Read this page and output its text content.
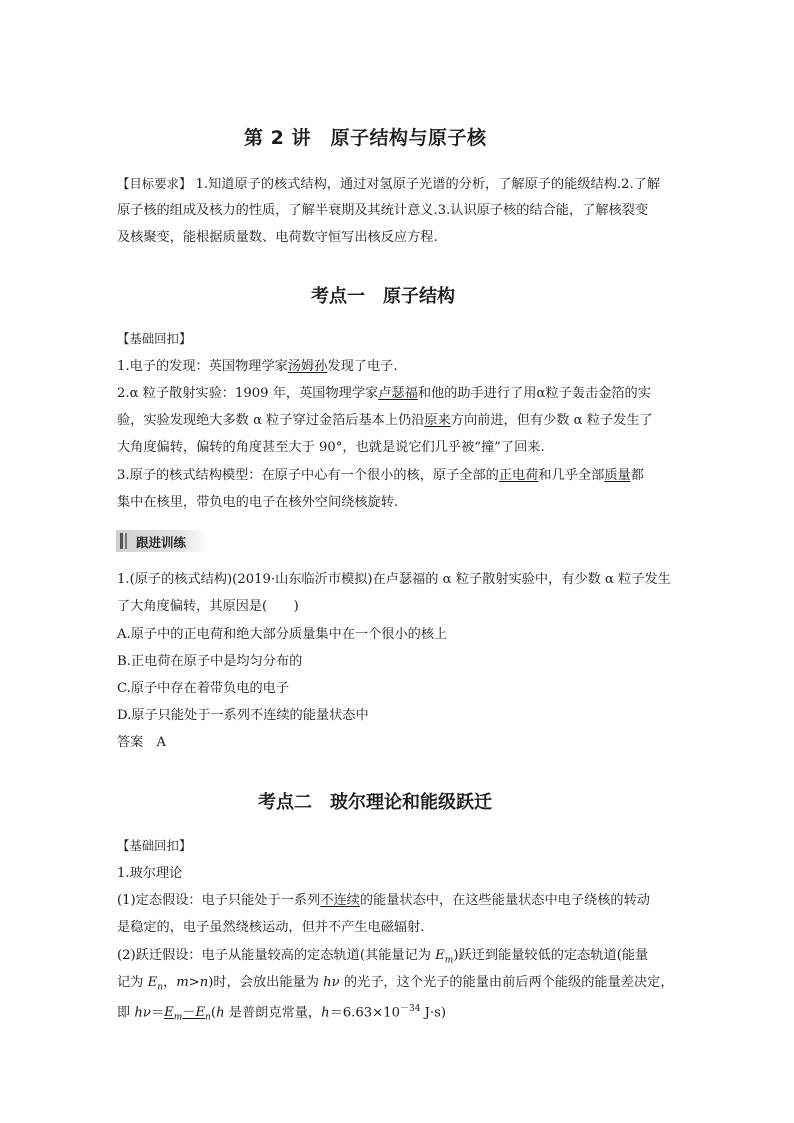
第 2 讲　原子结构与原子核
【目标要求】 1.知道原子的核式结构，通过对氢原子光谱的分析，了解原子的能级结构.2.了解
原子核的组成及核力的性质，了解半衰期及其统计意义.3.认识原子核的结合能，了解核裂变
及核聚变，能根据质量数、电荷数守恒写出核反应方程.
考点一　原子结构
【基础回扣】
1.电子的发现：英国物理学家汤姆孙发现了电子.
2.α 粒子散射实验：1909 年，英国物理学家卢瑟福和他的助手进行了用α粒子轰击金箔的实
验，实验发现绝大多数 α 粒子穿过金箔后基本上仍沿原来方向前进，但有少数 α 粒子发生了
大角度偏转，偏转的角度甚至大于 90°，也就是说它们几乎被“撞”了回来.
3.原子的核式结构模型：在原子中心有一个很小的核，原子全部的正电荷和几乎全部质量都
集中在核里，带负电的电子在核外空间绕核旋转.
跟进训练
1.(原子的核式结构)(2019·山东临沂市模拟)在卢瑟福的 α 粒子散射实验中，有少数 α 粒子发生
了大角度偏转，其原因是(　　)
A.原子中的正电荷和绝大部分质量集中在一个很小的核上
B.正电荷在原子中是均匀分布的
C.原子中存在着带负电的电子
D.原子只能处于一系列不连续的能量状态中
答案　A
考点二　玻尔理论和能级跃迁
【基础回扣】
1.玻尔理论
(1)定态假设：电子只能处于一系列不连续的能量状态中，在这些能量状态中电子绕核的转动
是稳定的，电子虽然绕核运动，但并不产生电磁辐射.
(2)跃迁假设：电子从能量较高的定态轨道(其能量记为 $E_m$)跃迁到能量较低的定态轨道(能量
记为 $E_n$，m>n)时，会放出能量为 hν 的光子，这个光子的能量由前后两个能级的能量差决定，
即 $h\nu=E_m-E_n(h$ 是普朗克常量，$h=6.63\times 10^{-34}$ J·s)
